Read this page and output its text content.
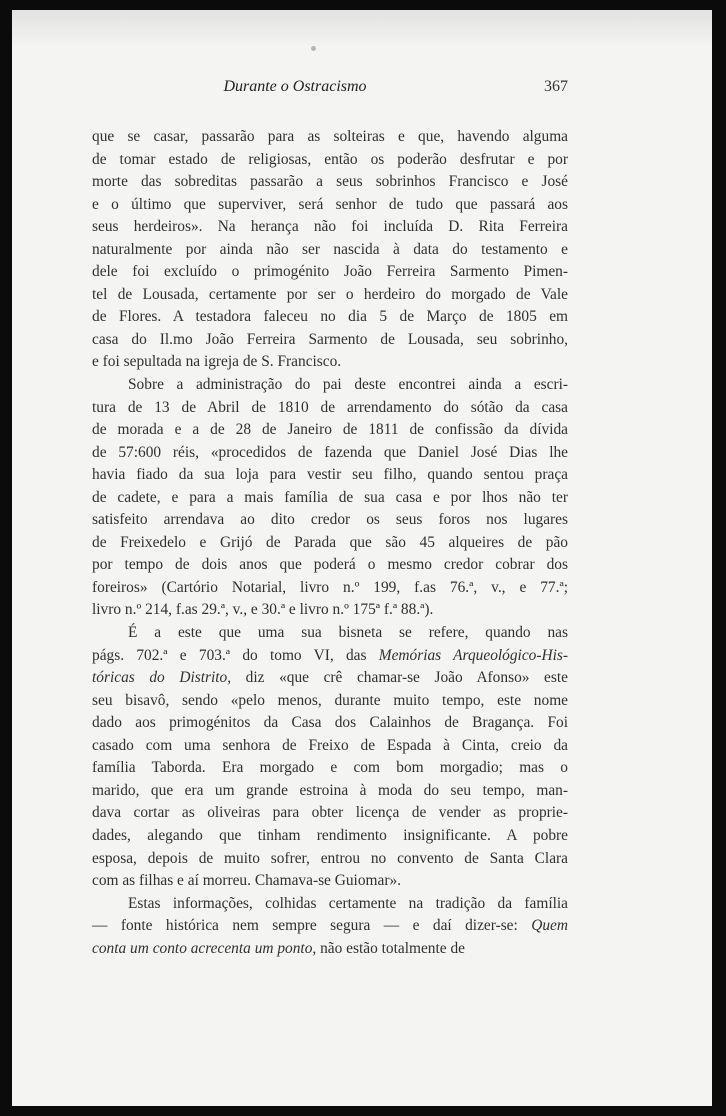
Durante o Ostracismo	367
que se casar, passarão para as solteiras e que, havendo alguma
de tomar estado de religiosas, então os poderão desfrutar e por
morte das sobreditas passarão a seus sobrinhos Francisco e José
e o último que superviver, será senhor de tudo que passará aos
seus herdeiros». Na herança não foi incluída D. Rita Ferreira
naturalmente por ainda não ser nascida à data do testamento e
dele foi excluído o primogénito João Ferreira Sarmento Pimen-
tel de Lousada, certamente por ser o herdeiro do morgado de Vale
de Flores. A testadora faleceu no dia 5 de Março de 1805 em
casa do Il.mo João Ferreira Sarmento de Lousada, seu sobrinho,
e foi sepultada na igreja de S. Francisco.
Sobre a administração do pai deste encontrei ainda a escri-
tura de 13 de Abril de 1810 de arrendamento do sótão da casa
de morada e a de 28 de Janeiro de 1811 de confissão da dívida
de 57:600 réis, «procedidos de fazenda que Daniel José Dias lhe
havia fiado da sua loja para vestir seu filho, quando sentou praça
de cadete, e para a mais família de sua casa e por lhos não ter
satisfeito arrendava ao dito credor os seus foros nos lugares
de Freixedelo e Grijó de Parada que são 45 alqueires de pão
por tempo de dois anos que poderá o mesmo credor cobrar dos
foreiros» (Cartório Notarial, livro n.º 199, f.as 76.ª, v., e 77.ª;
livro n.º 214, f.as 29.ª, v., e 30.ª e livro n.º 175ª f.ª 88.ª).
É a este que uma sua bisneta se refere, quando nas
págs. 702.ª e 703.ª do tomo VI, das Memórias Arqueológico-His-
tóricas do Distrito, diz «que crê chamar-se João Afonso» este
seu bisavô, sendo «pelo menos, durante muito tempo, este nome
dado aos primogénitos da Casa dos Calainhos de Bragança. Foi
casado com uma senhora de Freixo de Espada à Cinta, creio da
família Taborda. Era morgado e com bom morgadio; mas o
marido, que era um grande estroina à moda do seu tempo, man-
dava cortar as oliveiras para obter licença de vender as proprie-
dades, alegando que tinham rendimento insignificante. A pobre
esposa, depois de muito sofrer, entrou no convento de Santa Clara
com as filhas e aí morreu. Chamava-se Guiomar».
Estas informações, colhidas certamente na tradição da família
— fonte histórica nem sempre segura — e daí dizer-se: Quem
conta um conto acrecenta um ponto, não estão totalmente de
